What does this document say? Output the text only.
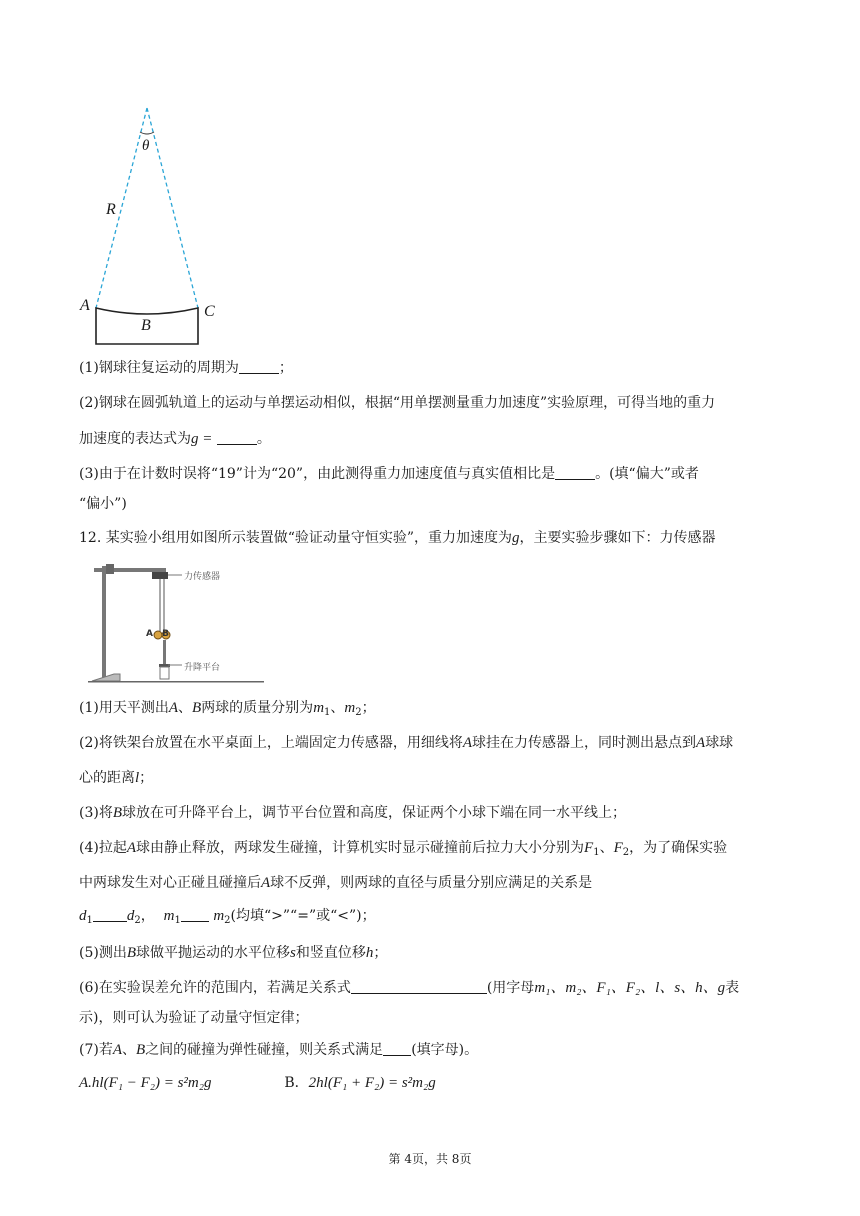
θ
R
A
B
C
(1)钢球往复运动的周期为	；
(2)钢球在圆弧轨道上的运动与单摆运动相似，根据“用单摆测量重力加速度”实验原理，可得当地的重力
加速度的表达式为g =	。
(3)由于在计数时误将“19”计为“20”，由此测得重力加速度值与真实值相比是	。(填“偏大”或者
“偏小”)
12. 某实验小组用如图所示装置做“验证动量守恒实验”，重力加速度为g，主要实验步骤如下：力传感器
力传感器
A B
升降平台
(1)用天平测出A、B两球的质量分别为$m_1$、$m_2$；
(2)将铁架台放置在水平桌面上，上端固定力传感器，用细线将A球挂在力传感器上，同时测出悬点到A球球
心的距离l；
(3)将B球放在可升降平台上，调节平台位置和高度，保证两个小球下端在同一水平线上；
(4)拉起A球由静止释放，两球发生碰撞，计算机实时显示碰撞前后拉力大小分别为$F_1$、$F_2$，为了确保实验
中两球发生对心正碰且碰撞后A球不反弹，则两球的直径与质量分别应满足的关系是
$d_1$ $d_2$，  $m_1$ $m_2$(均填“>”“=”或“<”)；
(5)测出B球做平抛运动的水平位移s和竖直位移h；
(6)在实验误差允许的范围内，若满足关系式	(用字母m₁、m₂、F₁、F₂、l、s、h、g表
示)，则可认为验证了动量守恒定律；
(7)若A、B之间的碰撞为弹性碰撞，则关系式满足 (填字母)。
A.hl(F₁ − F₂) = s²m₂g	B．2hl(F₁ + F₂) = s²m₂g
第 4页，共 8页
